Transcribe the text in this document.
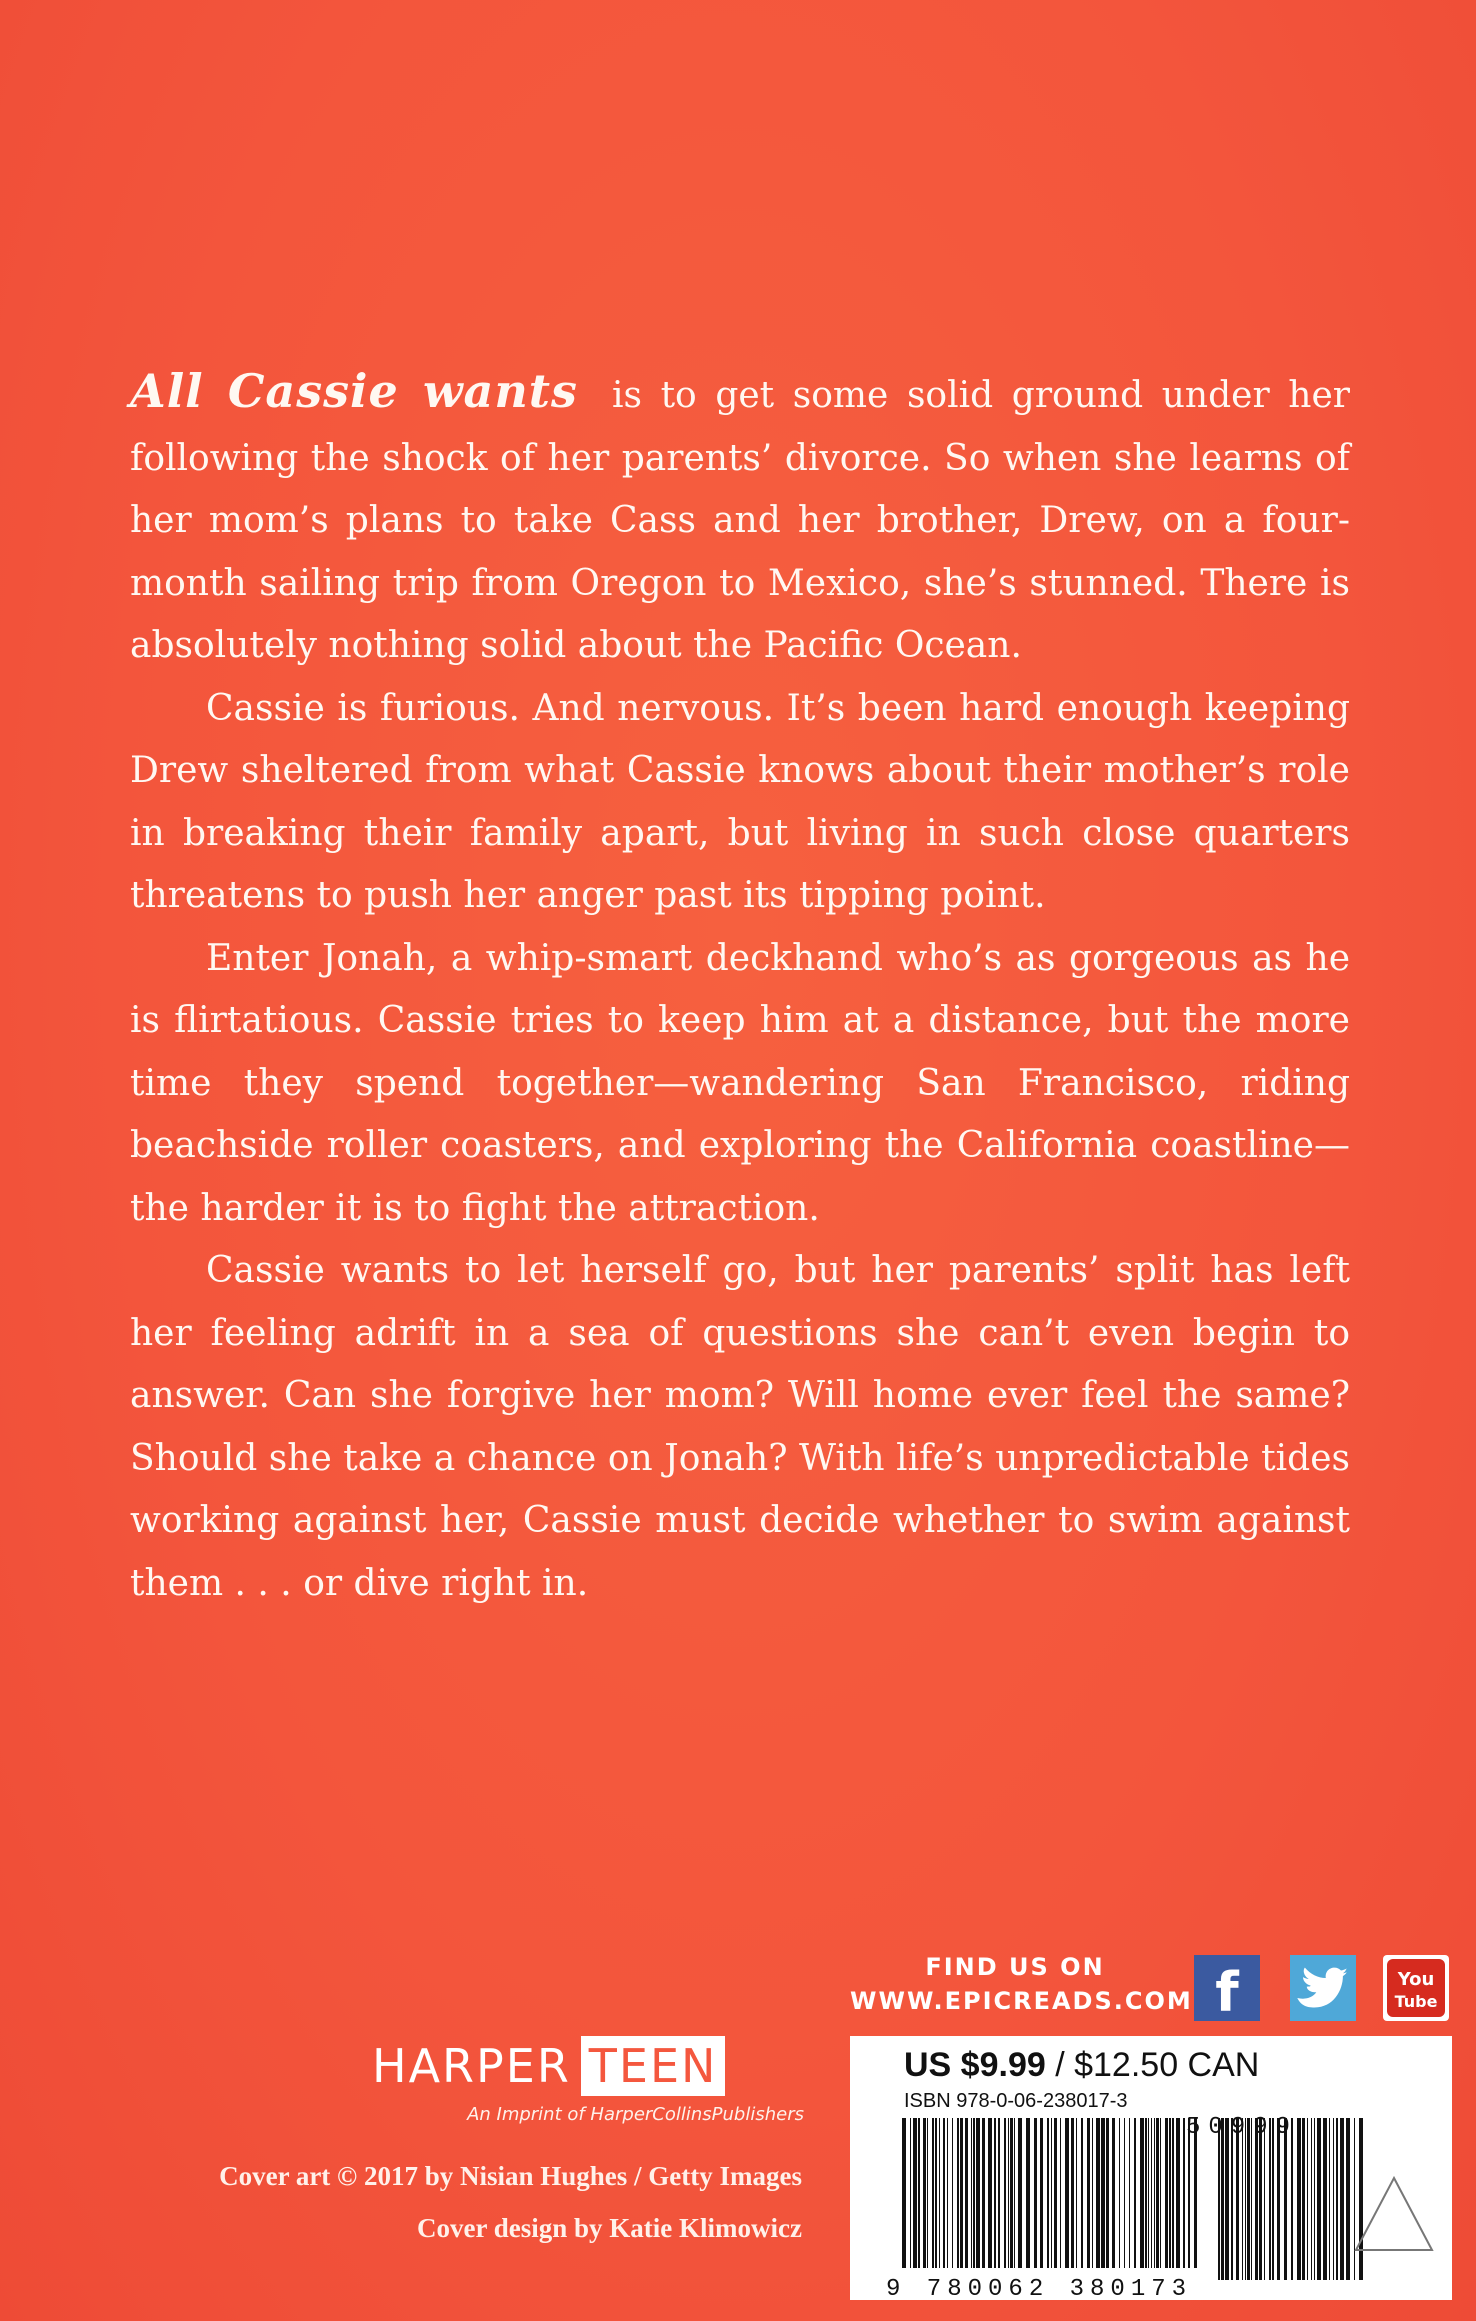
All Cassie wants is to get some solid ground under her following the shock of her parents’ divorce. So when she learns of her mom’s plans to take Cass and her brother, Drew, on a four-month sailing trip from Oregon to Mexico, she’s stunned. There is absolutely nothing solid about the Pacific Ocean.

Cassie is furious. And nervous. It’s been hard enough keeping Drew sheltered from what Cassie knows about their mother’s role in breaking their family apart, but living in such close quarters threatens to push her anger past its tipping point.

Enter Jonah, a whip-smart deckhand who’s as gorgeous as he is flirtatious. Cassie tries to keep him at a distance, but the more time they spend together—wandering San Francisco, riding beachside roller coasters, and exploring the California coastline—the harder it is to fight the attraction.

Cassie wants to let herself go, but her parents’ split has left her feeling adrift in a sea of questions she can’t even begin to answer. Can she forgive her mom? Will home ever feel the same? Should she take a chance on Jonah? With life’s unpredictable tides working against her, Cassie must decide whether to swim against them . . . or dive right in.

HARPER TEEN
An Imprint of HarperCollinsPublishers
Cover art © 2017 by Nisian Hughes / Getty Images
Cover design by Katie Klimowicz
FIND US ON
WWW.EPICREADS.COM f	You
Tube
US $9.99 / $12.50 CAN
ISBN 978-0-06-238017-3
50999
9 780062 380173
